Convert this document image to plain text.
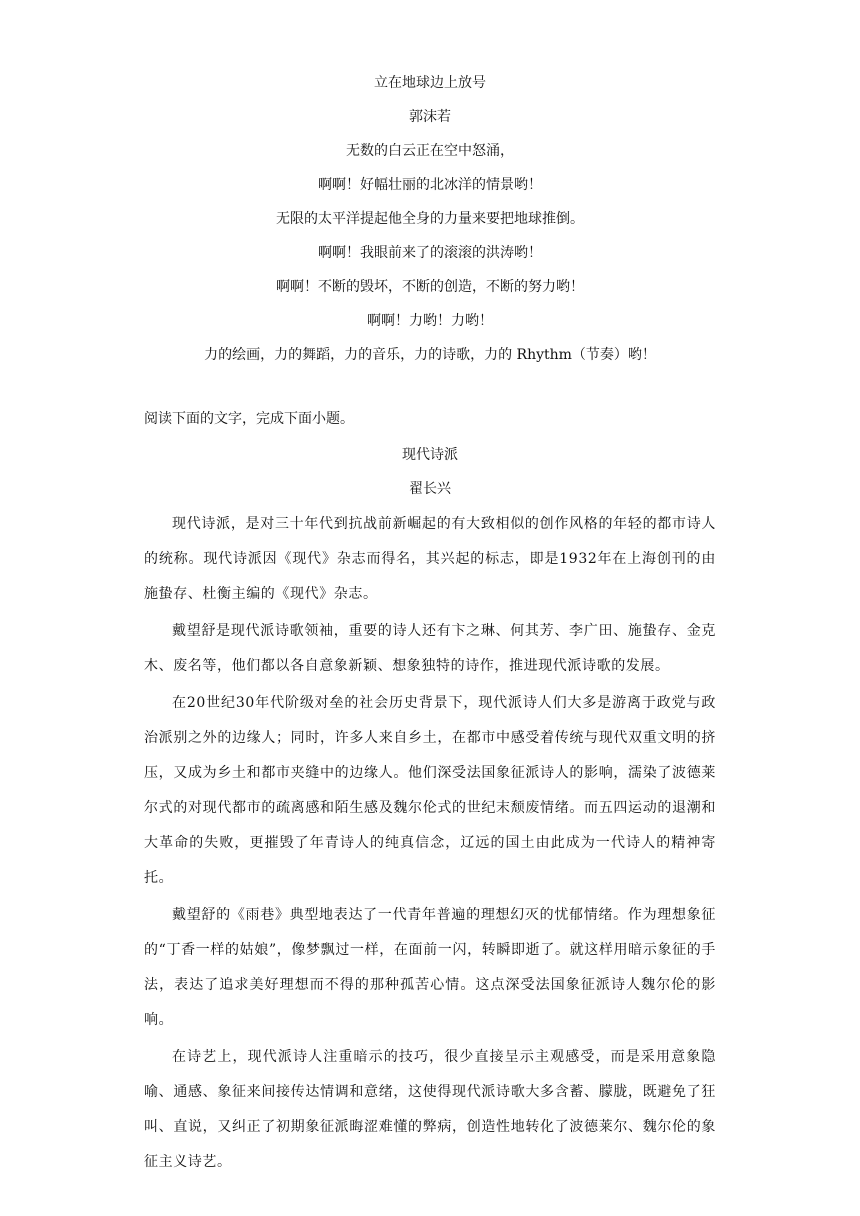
立在地球边上放号
郭沫若
无数的白云正在空中怒涌，
啊啊！好幅壮丽的北冰洋的情景哟！
无限的太平洋提起他全身的力量来要把地球推倒。
啊啊！我眼前来了的滚滚的洪涛哟！
啊啊！不断的毁坏，不断的创造，不断的努力哟！
啊啊！力哟！力哟！
力的绘画，力的舞蹈，力的音乐，力的诗歌，力的 Rhythm（节奏）哟！
阅读下面的文字，完成下面小题。
现代诗派
翟长兴

现代诗派，是对三十年代到抗战前新崛起的有大致相似的创作风格的年轻的都市诗人的统称。现代诗派因《现代》杂志而得名，其兴起的标志，即是1932年在上海创刊的由施蛰存、杜衡主编的《现代》杂志。

戴望舒是现代派诗歌领袖，重要的诗人还有卞之琳、何其芳、李广田、施蛰存、金克木、废名等，他们都以各自意象新颖、想象独特的诗作，推进现代派诗歌的发展。

在20世纪30年代阶级对垒的社会历史背景下，现代派诗人们大多是游离于政党与政治派别之外的边缘人；同时，许多人来自乡土，在都市中感受着传统与现代双重文明的挤压，又成为乡土和都市夹缝中的边缘人。他们深受法国象征派诗人的影响，濡染了波德莱尔式的对现代都市的疏离感和陌生感及魏尔伦式的世纪末颓废情绪。而五四运动的退潮和大革命的失败，更摧毁了年青诗人的纯真信念，辽远的国土由此成为一代诗人的精神寄托。

戴望舒的《雨巷》典型地表达了一代青年普遍的理想幻灭的忧郁情绪。作为理想象征的“丁香一样的姑娘”，像梦飘过一样，在面前一闪，转瞬即逝了。就这样用暗示象征的手法，表达了追求美好理想而不得的那种孤苦心情。这点深受法国象征派诗人魏尔伦的影响。

在诗艺上，现代派诗人注重暗示的技巧，很少直接呈示主观感受，而是采用意象隐喻、通感、象征来间接传达情调和意绪，这使得现代派诗歌大多含蓄、朦胧，既避免了狂叫、直说，又纠正了初期象征派晦涩难懂的弊病，创造性地转化了波德莱尔、魏尔伦的象征主义诗艺。
